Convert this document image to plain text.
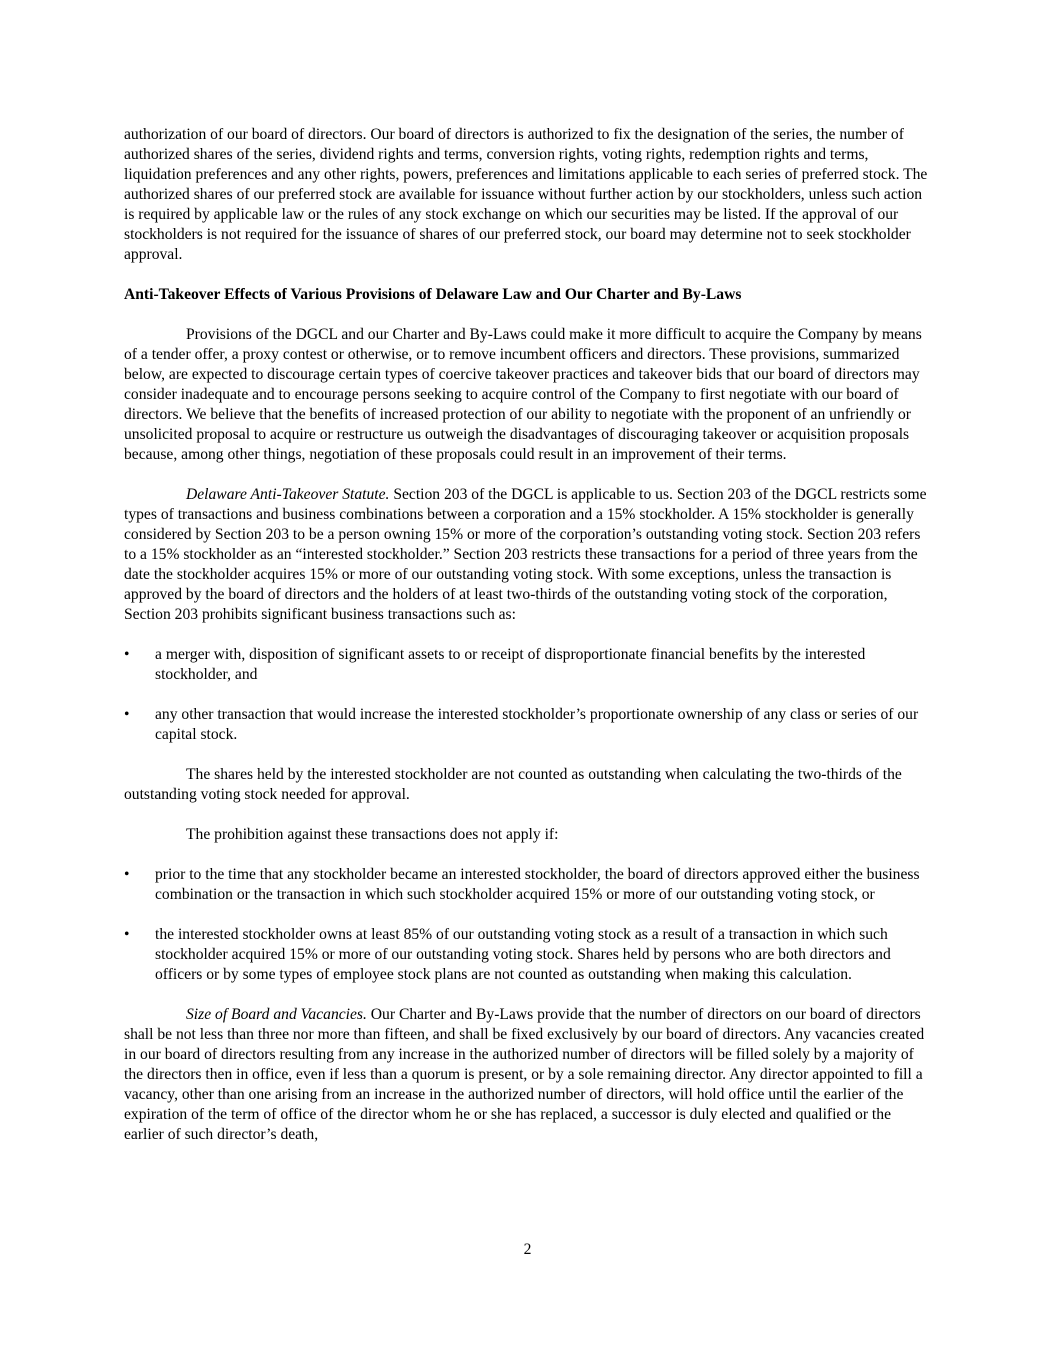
authorization of our board of directors. Our board of directors is authorized to fix the designation of the series, the number of authorized shares of the series, dividend rights and terms, conversion rights, voting rights, redemption rights and terms, liquidation preferences and any other rights, powers, preferences and limitations applicable to each series of preferred stock. The authorized shares of our preferred stock are available for issuance without further action by our stockholders, unless such action is required by applicable law or the rules of any stock exchange on which our securities may be listed. If the approval of our stockholders is not required for the issuance of shares of our preferred stock, our board may determine not to seek stockholder approval.

Anti-Takeover Effects of Various Provisions of Delaware Law and Our Charter and By-Laws

Provisions of the DGCL and our Charter and By-Laws could make it more difficult to acquire the Company by means of a tender offer, a proxy contest or otherwise, or to remove incumbent officers and directors. These provisions, summarized below, are expected to discourage certain types of coercive takeover practices and takeover bids that our board of directors may consider inadequate and to encourage persons seeking to acquire control of the Company to first negotiate with our board of directors. We believe that the benefits of increased protection of our ability to negotiate with the proponent of an unfriendly or unsolicited proposal to acquire or restructure us outweigh the disadvantages of discouraging takeover or acquisition proposals because, among other things, negotiation of these proposals could result in an improvement of their terms.

Delaware Anti-Takeover Statute. Section 203 of the DGCL is applicable to us. Section 203 of the DGCL restricts some types of transactions and business combinations between a corporation and a 15% stockholder. A 15% stockholder is generally considered by Section 203 to be a person owning 15% or more of the corporation’s outstanding voting stock. Section 203 refers to a 15% stockholder as an “interested stockholder.” Section 203 restricts these transactions for a period of three years from the date the stockholder acquires 15% or more of our outstanding voting stock. With some exceptions, unless the transaction is approved by the board of directors and the holders of at least two-thirds of the outstanding voting stock of the corporation, Section 203 prohibits significant business transactions such as:

• a merger with, disposition of significant assets to or receipt of disproportionate financial benefits by the interested stockholder, and
• any other transaction that would increase the interested stockholder’s proportionate ownership of any class or series of our capital stock.

The shares held by the interested stockholder are not counted as outstanding when calculating the two-thirds of the outstanding voting stock needed for approval.

The prohibition against these transactions does not apply if:

• prior to the time that any stockholder became an interested stockholder, the board of directors approved either the business combination or the transaction in which such stockholder acquired 15% or more of our outstanding voting stock, or
• the interested stockholder owns at least 85% of our outstanding voting stock as a result of a transaction in which such stockholder acquired 15% or more of our outstanding voting stock. Shares held by persons who are both directors and officers or by some types of employee stock plans are not counted as outstanding when making this calculation.

Size of Board and Vacancies. Our Charter and By-Laws provide that the number of directors on our board of directors shall be not less than three nor more than fifteen, and shall be fixed exclusively by our board of directors. Any vacancies created in our board of directors resulting from any increase in the authorized number of directors will be filled solely by a majority of the directors then in office, even if less than a quorum is present, or by a sole remaining director. Any director appointed to fill a vacancy, other than one arising from an increase in the authorized number of directors, will hold office until the earlier of the expiration of the term of office of the director whom he or she has replaced, a successor is duly elected and qualified or the earlier of such director’s death,

2
